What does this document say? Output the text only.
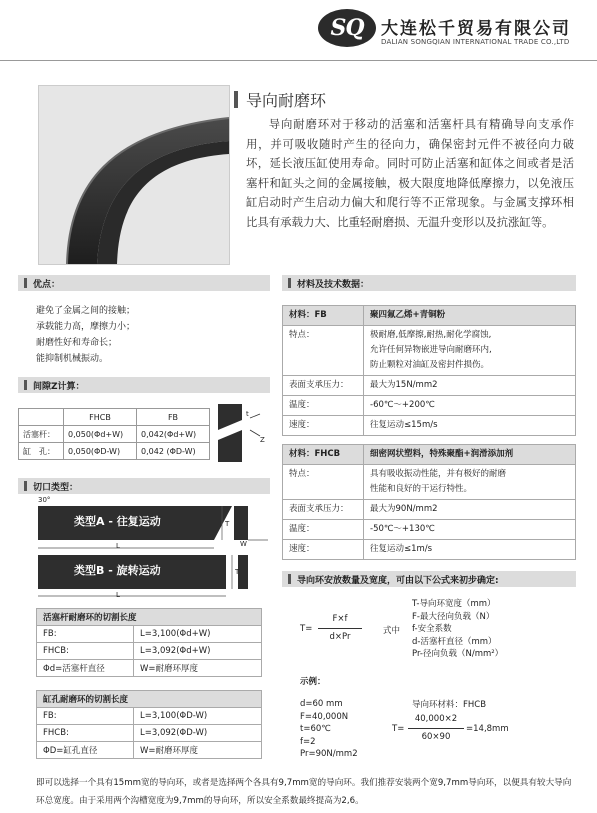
SQ 大连松千贸易有限公司
DALIAN SONGQIAN INTERNATIONAL TRADE CO.,LTD
导向耐磨环
导向耐磨环对于移动的活塞和活塞杆具有精确导向支承作用，并可吸收随时产生的径向力，确保密封元件不被径向力破坏，延长液压缸使用寿命。同时可防止活塞和缸体之间或者是活塞杆和缸头之间的金属接触，极大限度地降低摩擦力，以免液压缸启动时产生启动力偏大和爬行等不正常现象。与金属支撑环相比具有承载力大、比重轻耐磨损、无温升变形以及抗涨缸等。
优点：
避免了金属之间的接触；
承载能力高，摩擦力小；
耐磨性好和寿命长；
能抑制机械振动。
间隙Z计算：
	FHCB	FB
活塞杆：	0,050(Φd+W)	0,042(Φd+W)
缸　孔：	0,050(ΦD-W)	0,042 (ΦD-W)
t
Z
切口类型：
30°
类型A - 往复运动
类型B - 旋转运动
L
L
T
T
W
活塞杆耐磨环的切割长度	
FB:	L=3,100(Φd+W)
FHCB:	L=3,092(Φd+W)
Φd=活塞杆直径	W=耐磨环厚度
缸孔耐磨环的切割长度	
FB:	L=3,100(ΦD-W)
FHCB:	L=3,092(ΦD-W)
ΦD=缸孔直径	W=耐磨环厚度
材料及技术数据：
材料：FB	聚四氟乙烯+青铜粉
特点：	极耐磨,低摩擦,耐热,耐化学腐蚀,
允许任何异物嵌进导向耐磨环内,
防止颗粒对油缸及密封件损伤。
表面支承压力：	最大为15N/mm2
温度：	-60℃～+200℃
速度：	往复运动≤15m/s
材料：FHCB	细密网状塑料，特殊聚酯+润滑添加剂
特点：	具有吸收振动性能，并有极好的耐磨
性能和良好的干运行特性。
表面支承压力：	最大为90N/mm2
温度：	-50℃～+130℃
速度：	往复运动≤1m/s
导向环安放数量及宽度，可由以下公式来初步确定:
T=
F×f
d×Pr
式中
T-导向环宽度（mm）
F-最大径向负载（N）
f-安全系数
d-活塞杆直径（mm）
Pr-径向负载（N/mm²）
示例：
d=60 mm
F=40,000N
t=60℃
f=2
Pr=90N/mm2
导向环材料：FHCB
T=
40,000×2
60×90
=14,8mm
即可以选择一个具有15mm宽的导向环，或者是选择两个各具有9,7mm宽的导向环。我们推荐安装两个宽9,7mm导向环，以便具有较大导向环总宽度。由于采用两个沟槽宽度为9,7mm的导向环，所以安全系数最终提高为2,6。
